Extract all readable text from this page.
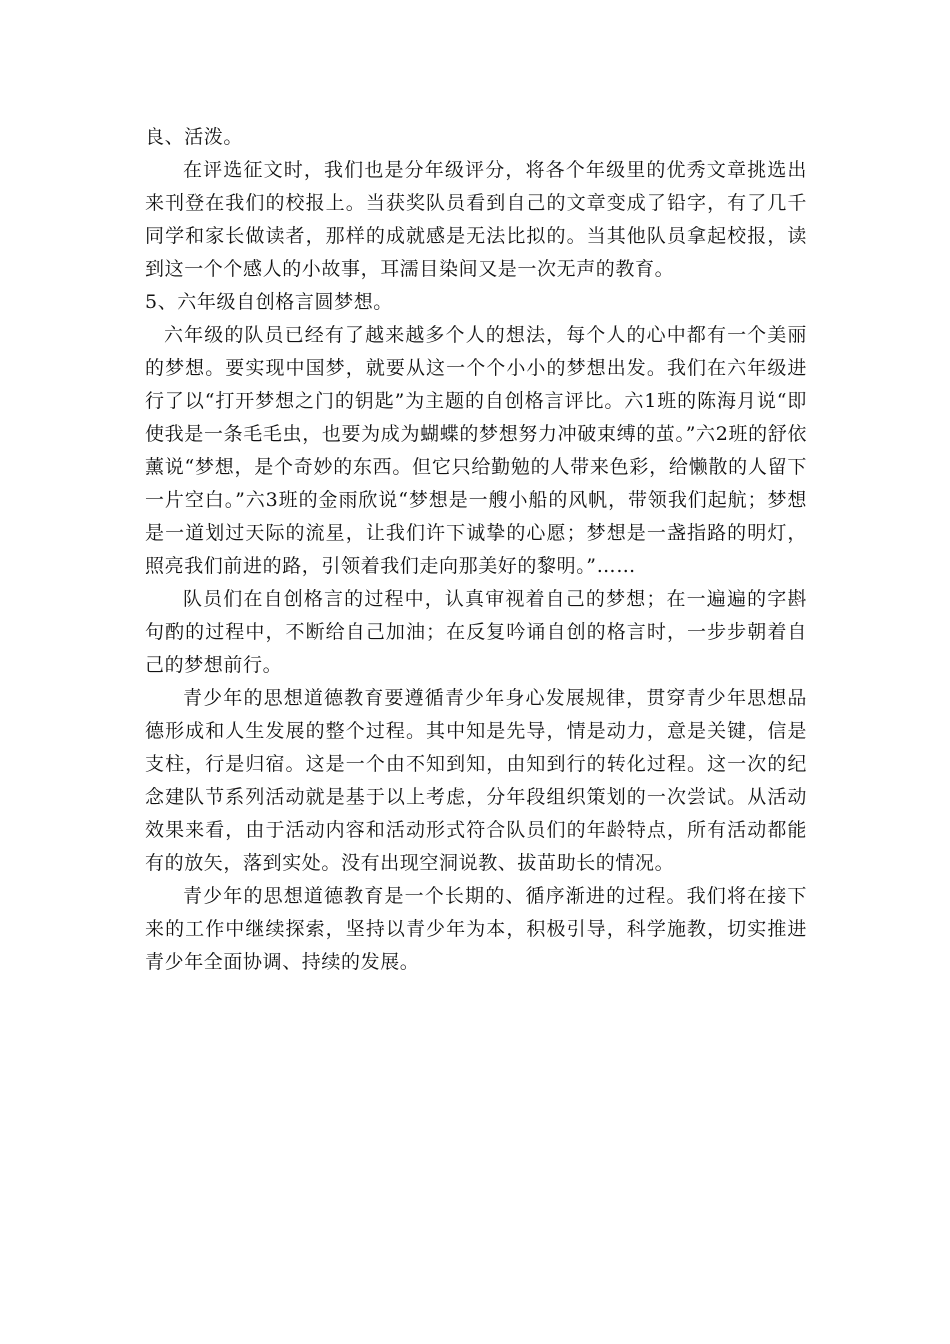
良、活泼。

在评选征文时，我们也是分年级评分，将各个年级里的优秀文章挑选出来刊登在我们的校报上。当获奖队员看到自己的文章变成了铅字，有了几千同学和家长做读者，那样的成就感是无法比拟的。当其他队员拿起校报，读到这一个个感人的小故事，耳濡目染间又是一次无声的教育。

5、六年级自创格言圆梦想。

六年级的队员已经有了越来越多个人的想法，每个人的心中都有一个美丽的梦想。要实现中国梦，就要从这一个个小小的梦想出发。我们在六年级进行了以“打开梦想之门的钥匙”为主题的自创格言评比。六1班的陈海月说“即使我是一条毛毛虫，也要为成为蝴蝶的梦想努力冲破束缚的茧。”六2班的舒依薰说“梦想，是个奇妙的东西。但它只给勤勉的人带来色彩，给懒散的人留下一片空白。”六3班的金雨欣说“梦想是一艘小船的风帆，带领我们起航；梦想是一道划过天际的流星，让我们许下诚挚的心愿；梦想是一盏指路的明灯，照亮我们前进的路，引领着我们走向那美好的黎明。”……

队员们在自创格言的过程中，认真审视着自己的梦想；在一遍遍的字斟句酌的过程中，不断给自己加油；在反复吟诵自创的格言时，一步步朝着自己的梦想前行。

青少年的思想道德教育要遵循青少年身心发展规律，贯穿青少年思想品德形成和人生发展的整个过程。其中知是先导，情是动力，意是关键，信是支柱，行是归宿。这是一个由不知到知，由知到行的转化过程。这一次的纪念建队节系列活动就是基于以上考虑，分年段组织策划的一次尝试。从活动效果来看，由于活动内容和活动形式符合队员们的年龄特点，所有活动都能有的放矢，落到实处。没有出现空洞说教、拔苗助长的情况。

青少年的思想道德教育是一个长期的、循序渐进的过程。我们将在接下来的工作中继续探索，坚持以青少年为本，积极引导，科学施教，切实推进青少年全面协调、持续的发展。
